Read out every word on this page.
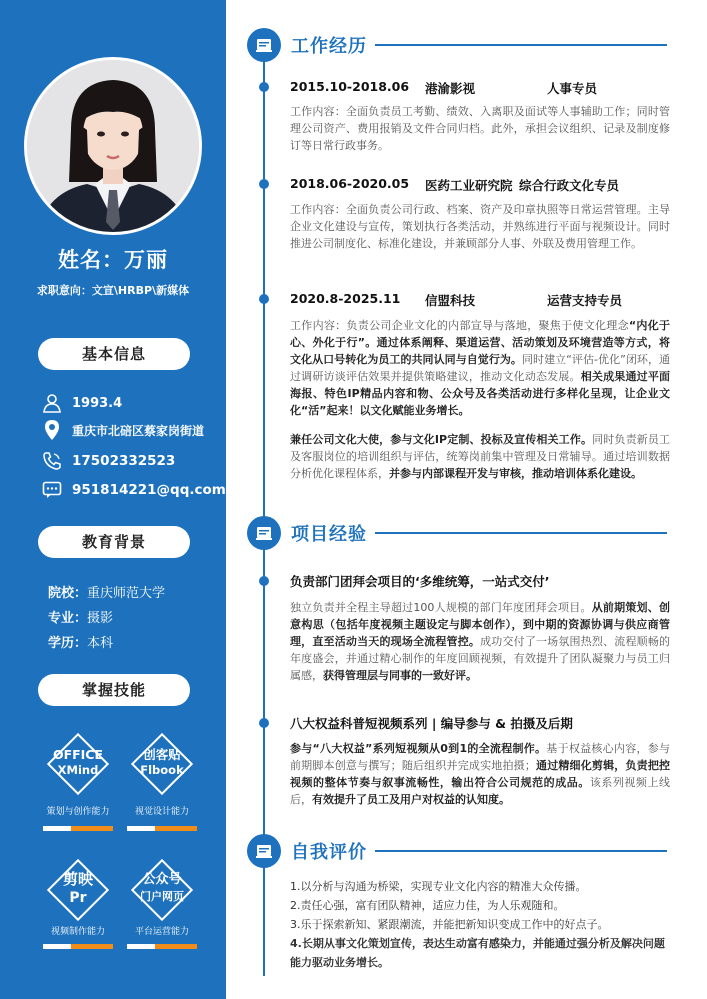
姓名：万丽
求职意向：文宣\HRBP\新媒体
基本信息
1993.4
重庆市北碚区蔡家岗街道
17502332523
951814221@qq.com
教育背景
院校：重庆师范大学
专业：摄影
学历：本科
掌握技能
OFFICE
XMind
策划与创作能力
创客贴
Flbook
视觉设计能力
剪映
Pr
视频制作能力
公众号
门户网页
平台运营能力
工作经历
2015.10-2018.06 港渝影视	人事专员
工作内容：全面负责员工考勤、绩效、入离职及面试等人事辅助工作；同时管理公司资产、费用报销及文件合同归档。此外，承担会议组织、记录及制度修订等日常行政事务。
2018.06-2020.05 医药工业研究院 综合行政文化专员
工作内容：全面负责公司行政、档案、资产及印章执照等日常运营管理。主导企业文化建设与宣传，策划执行各类活动，并熟练进行平面与视频设计。同时推进公司制度化、标准化建设，并兼顾部分人事、外联及费用管理工作。
2020.8-2025.11 信盟科技	运营支持专员
工作内容：负责公司企业文化的内部宣导与落地，聚焦于使文化理念“内化于心、外化于行”。通过体系阐释、渠道运营、活动策划及环境营造等方式，将文化从口号转化为员工的共同认同与自觉行为。同时建立“评估-优化”闭环，通过调研访谈评估效果并提供策略建议，推动文化动态发展。相关成果通过平面海报、特色IP精品内容和物、公众号及各类活动进行多样化呈现，让企业文化“活”起来！以文化赋能业务增长。
兼任公司文化大使，参与文化IP定制、投标及宣传相关工作。同时负责新员工及客服岗位的培训组织与评估，统筹岗前集中管理及日常辅导。通过培训数据分析优化课程体系，并参与内部课程开发与审核，推动培训体系化建设。
项目经验
负责部门团拜会项目的‘多维统筹，一站式交付’
独立负责并全程主导超过100人规模的部门年度团拜会项目。从前期策划、创意构思（包括年度视频主题设定与脚本创作），到中期的资源协调与供应商管理，直至活动当天的现场全流程管控。成功交付了一场氛围热烈、流程顺畅的年度盛会，并通过精心制作的年度回顾视频，有效提升了团队凝聚力与员工归属感，获得管理层与同事的一致好评。
八大权益科普短视频系列 | 编导参与 & 拍摄及后期
参与“八大权益”系列短视频从0到1的全流程制作。基于权益核心内容，参与前期脚本创意与撰写；随后组织并完成实地拍摄；通过精细化剪辑，负责把控视频的整体节奏与叙事流畅性，输出符合公司规范的成品。该系列视频上线后，有效提升了员工及用户对权益的认知度。
自我评价
1.以分析与沟通为桥梁，实现专业文化内容的精准大众传播。
2.责任心强，富有团队精神，适应力佳，为人乐观随和。
3.乐于探索新知、紧跟潮流，并能把新知识变成工作中的好点子。
4.长期从事文化策划宣传，表达生动富有感染力，并能通过强分析及解决问题能力驱动业务增长。
